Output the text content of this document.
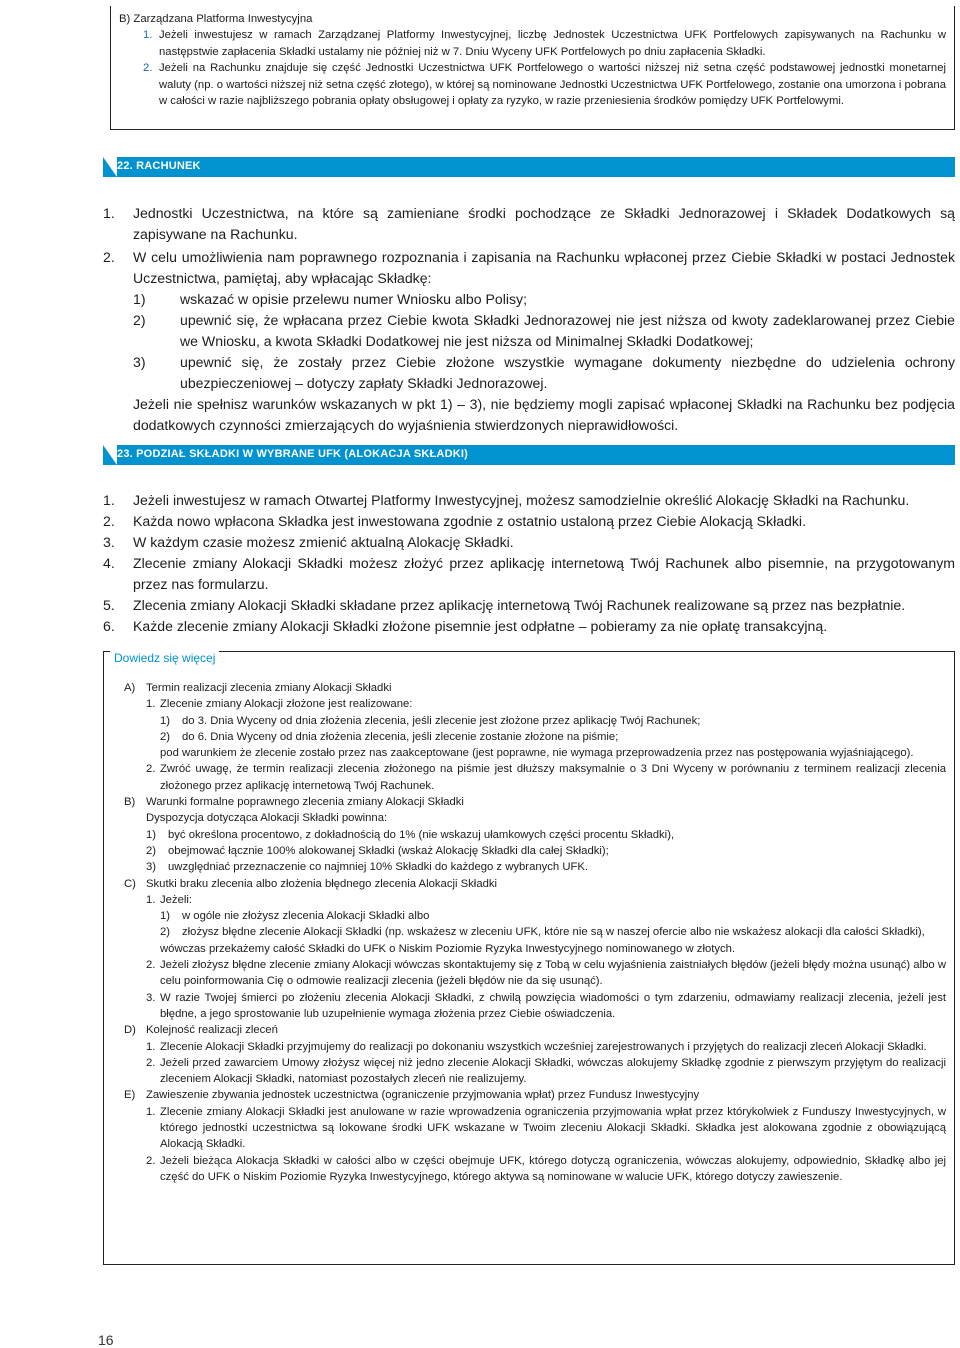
B) Zarządzana Platforma Inwestycyjna

1. Jeżeli inwestujesz w ramach Zarządzanej Platformy Inwestycyjnej, liczbę Jednostek Uczestnictwa UFK Portfelowych zapisywanych na Rachunku w następstwie zapłacenia Składki ustalamy nie później niż w 7. Dniu Wyceny UFK Portfelowych po dniu zapłacenia Składki.
2. Jeżeli na Rachunku znajduje się część Jednostki Uczestnictwa UFK Portfelowego o wartości niższej niż setna część podstawowej jednostki monetarnej waluty (np. o wartości niższej niż setna część złotego), w której są nominowane Jednostki Uczestnictwa UFK Portfelowego, zostanie ona umorzona i pobrana w całości w razie najbliższego pobrania opłaty obsługowej i opłaty za ryzyko, w razie przeniesienia środków pomiędzy UFK Portfelowymi.
22. RACHUNEK
1. Jednostki Uczestnictwa, na które są zamieniane środki pochodzące ze Składki Jednorazowej i Składek Dodatkowych są zapisywane na Rachunku.
2. W celu umożliwienia nam poprawnego rozpoznania i zapisania na Rachunku wpłaconej przez Ciebie Składki w postaci Jednostek Uczestnictwa, pamiętaj, aby wpłacając Składkę:
1) wskazać w opisie przelewu numer Wniosku albo Polisy;
2) upewnić się, że wpłacana przez Ciebie kwota Składki Jednorazowej nie jest niższa od kwoty zadeklarowanej przez Ciebie we Wniosku, a kwota Składki Dodatkowej nie jest niższa od Minimalnej Składki Dodatkowej;
3) upewnić się, że zostały przez Ciebie złożone wszystkie wymagane dokumenty niezbędne do udzielenia ochrony ubezpieczeniowej – dotyczy zapłaty Składki Jednorazowej.
Jeżeli nie spełnisz warunków wskazanych w pkt 1) – 3), nie będziemy mogli zapisać wpłaconej Składki na Rachunku bez podjęcia dodatkowych czynności zmierzających do wyjaśnienia stwierdzonych nieprawidłowości.
23. PODZIAŁ SKŁADKI W WYBRANE UFK (ALOKACJA SKŁADKI)
1. Jeżeli inwestujesz w ramach Otwartej Platformy Inwestycyjnej, możesz samodzielnie określić Alokację Składki na Rachunku.
2. Każda nowo wpłacona Składka jest inwestowana zgodnie z ostatnio ustaloną przez Ciebie Alokacją Składki.
3. W każdym czasie możesz zmienić aktualną Alokację Składki.
4. Zlecenie zmiany Alokacji Składki możesz złożyć przez aplikację internetową Twój Rachunek albo pisemnie, na przygotowanym przez nas formularzu.
5. Zlecenia zmiany Alokacji Składki składane przez aplikację internetową Twój Rachunek realizowane są przez nas bezpłatnie.
6. Każde zlecenie zmiany Alokacji Składki złożone pisemnie jest odpłatne – pobieramy za nie opłatę transakcyjną.
Dowiedz się więcej
A) Termin realizacji zlecenia zmiany Alokacji Składki
1. Zlecenie zmiany Alokacji złożone jest realizowane:
1) do 3. Dnia Wyceny od dnia złożenia zlecenia, jeśli zlecenie jest złożone przez aplikację Twój Rachunek;
2) do 6. Dnia Wyceny od dnia złożenia zlecenia, jeśli zlecenie zostanie złożone na piśmie;
pod warunkiem że zlecenie zostało przez nas zaakceptowane (jest poprawne, nie wymaga przeprowadzenia przez nas postępowania wyjaśniającego).
2. Zwróć uwagę, że termin realizacji zlecenia złożonego na piśmie jest dłuższy maksymalnie o 3 Dni Wyceny w porównaniu z terminem realizacji zlecenia złożonego przez aplikację internetową Twój Rachunek.
B) Warunki formalne poprawnego zlecenia zmiany Alokacji Składki
Dyspozycja dotycząca Alokacji Składki powinna:
1) być określona procentowo, z dokładnością do 1% (nie wskazuj ułamkowych części procentu Składki),
2) obejmować łącznie 100% alokowanej Składki (wskaż Alokację Składki dla całej Składki);
3) uwzględniać przeznaczenie co najmniej 10% Składki do każdego z wybranych UFK.
C) Skutki braku zlecenia albo złożenia błędnego zlecenia Alokacji Składki
1. Jeżeli:
1) w ogóle nie złożysz zlecenia Alokacji Składki albo
2) złożysz błędne zlecenie Alokacji Składki (np. wskażesz w zleceniu UFK, które nie są w naszej ofercie albo nie wskażesz alokacji dla całości Składki),
wówczas przekażemy całość Składki do UFK o Niskim Poziomie Ryzyka Inwestycyjnego nominowanego w złotych.
2. Jeżeli złożysz błędne zlecenie zmiany Alokacji wówczas skontaktujemy się z Tobą w celu wyjaśnienia zaistniałych błędów (jeżeli błędy można usunąć) albo w celu poinformowania Cię o odmowie realizacji zlecenia (jeżeli błędów nie da się usunąć).
3. W razie Twojej śmierci po złożeniu zlecenia Alokacji Składki, z chwilą powzięcia wiadomości o tym zdarzeniu, odmawiamy realizacji zlecenia, jeżeli jest błędne, a jego sprostowanie lub uzupełnienie wymaga złożenia przez Ciebie oświadczenia.
D) Kolejność realizacji zleceń
1. Zlecenie Alokacji Składki przyjmujemy do realizacji po dokonaniu wszystkich wcześniej zarejestrowanych i przyjętych do realizacji zleceń Alokacji Składki.
2. Jeżeli przed zawarciem Umowy złożysz więcej niż jedno zlecenie Alokacji Składki, wówczas alokujemy Składkę zgodnie z pierwszym przyjętym do realizacji zleceniem Alokacji Składki, natomiast pozostałych zleceń nie realizujemy.
E) Zawieszenie zbywania jednostek uczestnictwa (ograniczenie przyjmowania wpłat) przez Fundusz Inwestycyjny
1. Zlecenie zmiany Alokacji Składki jest anulowane w razie wprowadzenia ograniczenia przyjmowania wpłat przez którykolwiek z Funduszy Inwestycyjnych, w którego jednostki uczestnictwa są lokowane środki UFK wskazane w Twoim zleceniu Alokacji Składki. Składka jest alokowana zgodnie z obowiązującą Alokacją Składki.
2. Jeżeli bieżąca Alokacja Składki w całości albo w części obejmuje UFK, którego dotyczą ograniczenia, wówczas alokujemy, odpowiednio, Składkę albo jej część do UFK o Niskim Poziomie Ryzyka Inwestycyjnego, którego aktywa są nominowane w walucie UFK, którego dotyczy zawieszenie.
16
